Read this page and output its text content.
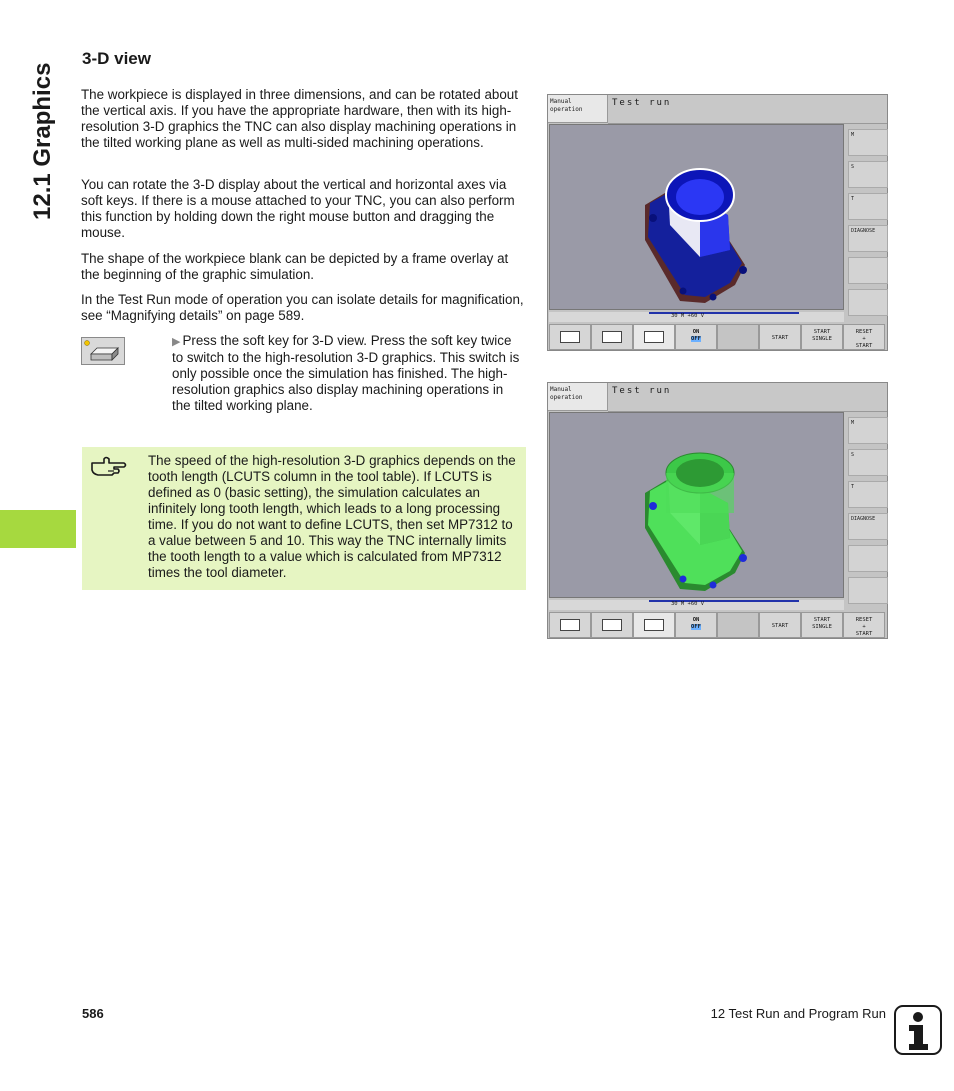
12.1 Graphics
3-D view

The workpiece is displayed in three dimensions, and can be rotated about the vertical axis. If you have the appropriate hardware, then with its high-resolution 3-D graphics the TNC can also display machining operations in the tilted working plane as well as multi-sided machining operations.

You can rotate the 3-D display about the vertical and horizontal axes via soft keys. If there is a mouse attached to your TNC, you can also perform this function by holding down the right mouse button and dragging the mouse.

The shape of the workpiece blank can be depicted by a frame overlay at the beginning of the graphic simulation.

In the Test Run mode of operation you can isolate details for magnification, see “Magnifying details” on page 589.

▶ Press the soft key for 3-D view. Press the soft key twice to switch to the high-resolution 3-D graphics. This switch is only possible once the simulation has finished. The high-resolution graphics also display machining operations in the tilted working plane.

The speed of the high-resolution 3-D graphics depends on the tooth length (LCUTS column in the tool table). If LCUTS is defined as 0 (basic setting), the simulation calculates an infinitely long tooth length, which leads to a long processing time. If you do not want to define LCUTS, then set MP7312 to a value between 5 and 10. This way the TNC internally limits the tooth length to a value which is calculated from MP7312 times the tool diameter.

Manual
operation
Test run
30 M +60 V
M
S
T
DIAGNOSE
ON
OFF	START
START
SINGLE
RESET
+
START
Manual
operation
Test run
30 M +60 V
M
S
T
DIAGNOSE
ON
OFF	START
START
SINGLE
RESET
+
START
586	12 Test Run and Program Run
